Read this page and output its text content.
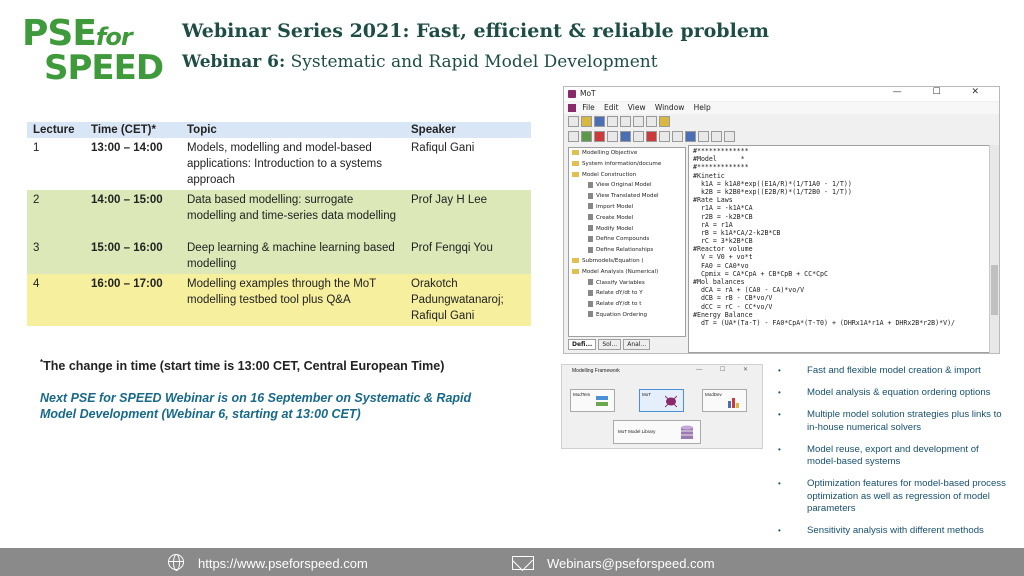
PSEfor
SPEED
Webinar Series 2021: Fast, efficient & reliable problem
Webinar 6: Systematic and Rapid Model Development
Lecture	Time (CET)*	Topic	Speaker
1	13:00 – 14:00	Models, modelling and model-based applications: Introduction to a systems approach	Rafiqul Gani
2	14:00 – 15:00	Data based modelling: surrogate modelling and time-series data modelling	Prof Jay H Lee
3	15:00 – 16:00	Deep learning & machine learning based modelling	Prof Fengqi You
4	16:00 – 17:00	Modelling examples through the MoT modelling testbed tool plus Q&A	Orakotch Padungwatanaroj; Rafiqul Gani
*The change in time (start time is 13:00 CET, Central European Time)
Next PSE for SPEED Webinar is on 16 September on Systematic & Rapid Model Development (Webinar 6, starting at 13:00 CET)
MoT	— ☐ ✕
File Edit View Window Help
Modelling Objective
System information/docume
Model Construction
View Original Model
View Translated Model
Import Model
Create Model
Modify Model
Define Compounds
Define Relationships
Submodels/Equation (
Model Analysis (Numerical)
Classify Variables
Relate dY/dt to Y
Relate dY/dt to t
Equation Ordering
Defi...	Sol...	Anal...
#*************
#Model      *
#*************
#Kinetic
k1A = k1A0*exp((E1A/R)*(1/T1A0 - 1/T))
k2B = k2B0*exp((E2B/R)*(1/T2B0 - 1/T))
#Rate Laws
r1A = -k1A*CA
r2B = -k2B*CB
rA = r1A
rB = k1A*CA/2-k2B*CB
rC = 3*k2B*CB
#Reactor volume
V = V0 + vo*t
FA0 = CA0*vo
Cpmix = CA*CpA + CB*CpB + CC*CpC
#Mol balances
dCA = rA + (CA0 - CA)*vo/V
dCB = rB - CB*vo/V
dCC = rC - CC*vo/V
#Energy Balance
dT = (UA*(Ta-T) - FA0*CpA*(T-T0) + (DHRx1A*r1A + DHRx2B*r2B)*V)/
Modelling Framework	— ☐ ✕
ModTem	MoT	ModDev
MoT Model Library
•	Fast and flexible model creation & import
•	Model analysis & equation ordering options
•	Multiple model solution strategies plus links to in-house numerical solvers
•	Model reuse, export and development of model-based systems
•	Optimization features for model-based process optimization as well as regression of model parameters
•	Sensitivity analysis with different methods
https://www.pseforspeed.com	Webinars@pseforspeed.com
